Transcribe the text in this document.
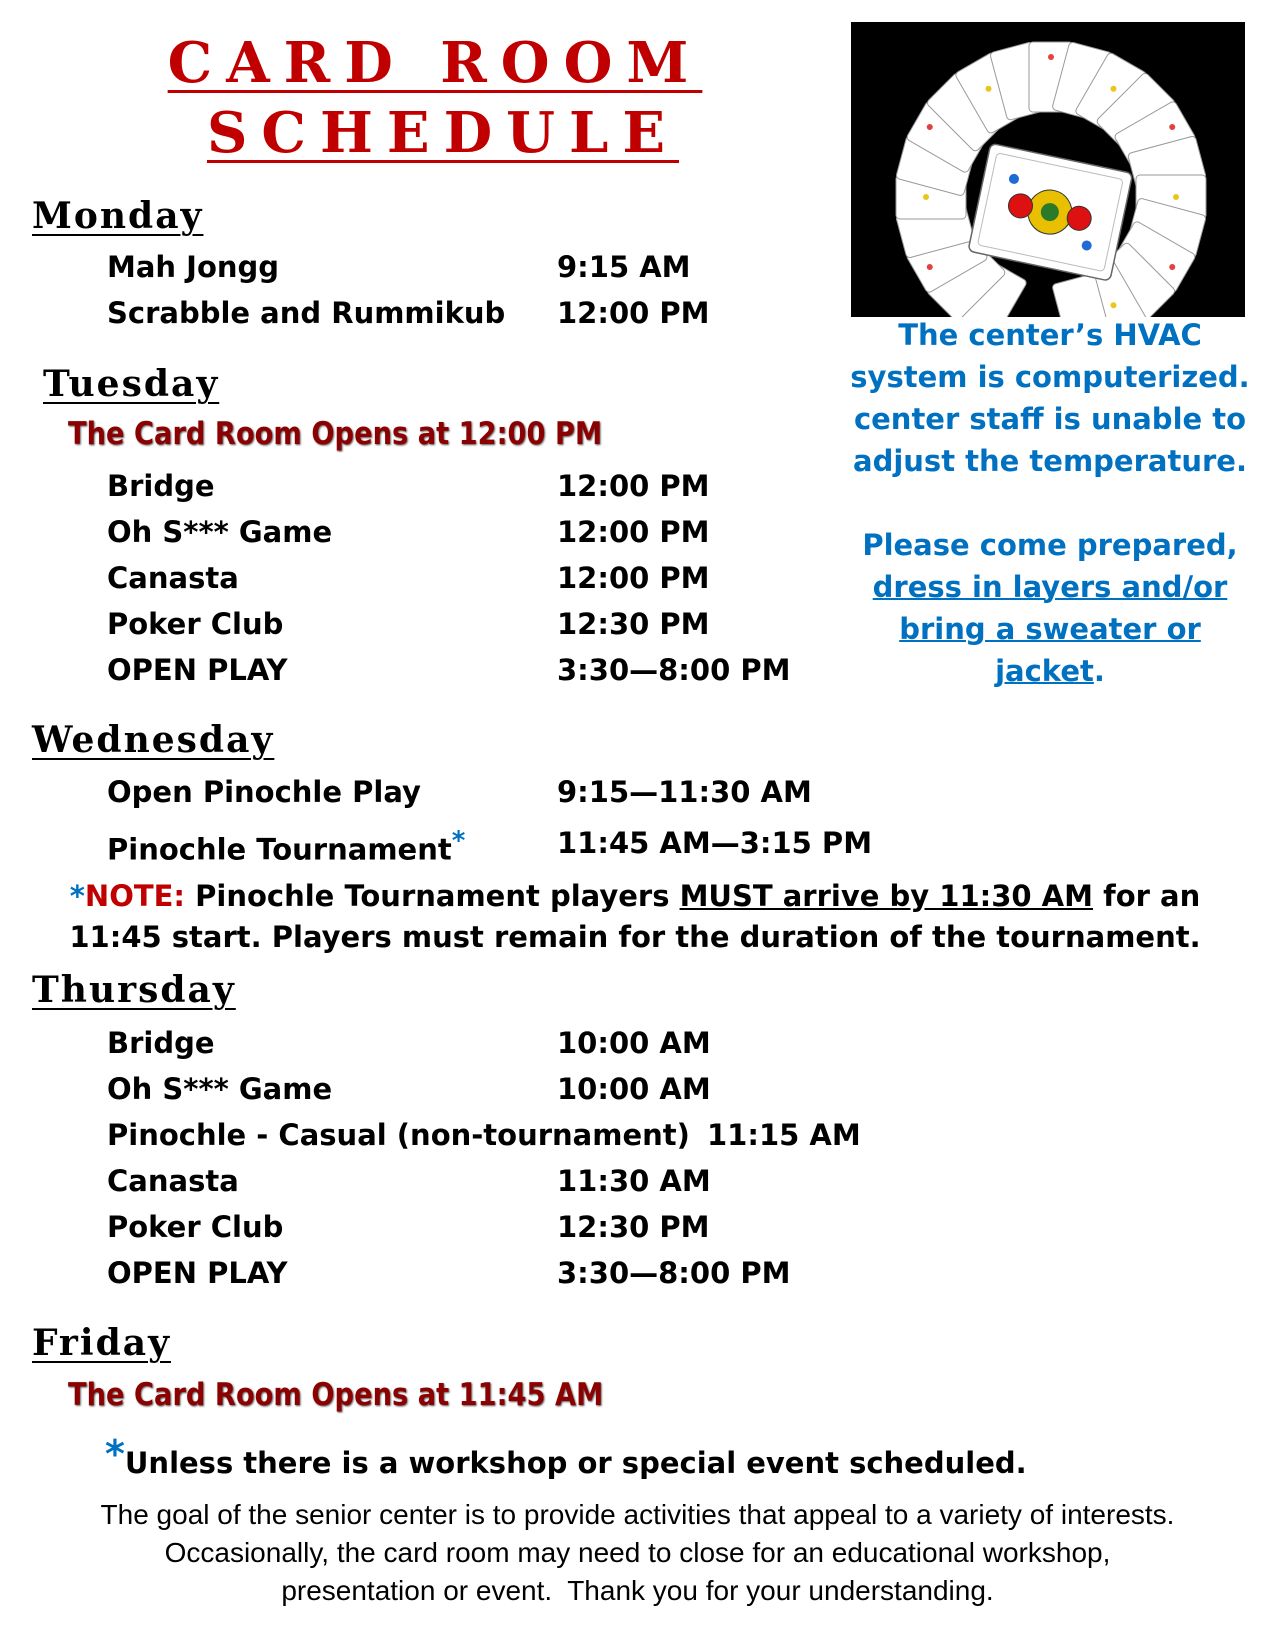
CARD ROOM
SCHEDULE
The center’s HVAC
system is computerized.
center staff is unable to
adjust the temperature.
Please come prepared,
dress in layers and/or
bring a sweater or
jacket.
Monday
Mah Jongg	9:15 AM
Scrabble and Rummikub 12:00 PM
Tuesday
The Card Room Opens at 12:00 PM
Bridge	12:00 PM
Oh S*** Game	12:00 PM
Canasta	12:00 PM
Poker Club	12:30 PM
OPEN PLAY	3:30—8:00 PM
Wednesday
Open Pinochle Play	9:15—11:30 AM
Pinochle Tournament*	11:45 AM—3:15 PM
*NOTE: Pinochle Tournament players MUST arrive by 11:30 AM for an 11:45 start. Players must remain for the duration of the tournament.
Thursday
Bridge	10:00 AM
Oh S*** Game	10:00 AM
Pinochle - Casual (non-tournament) 11:15 AM
Canasta	11:30 AM
Poker Club	12:30 PM
OPEN PLAY	3:30—8:00 PM
Friday
The Card Room Opens at 11:45 AM
*Unless there is a workshop or special event scheduled.
The goal of the senior center is to provide activities that appeal to a variety of interests.
Occasionally, the card room may need to close for an educational workshop,
presentation or event.  Thank you for your understanding.
